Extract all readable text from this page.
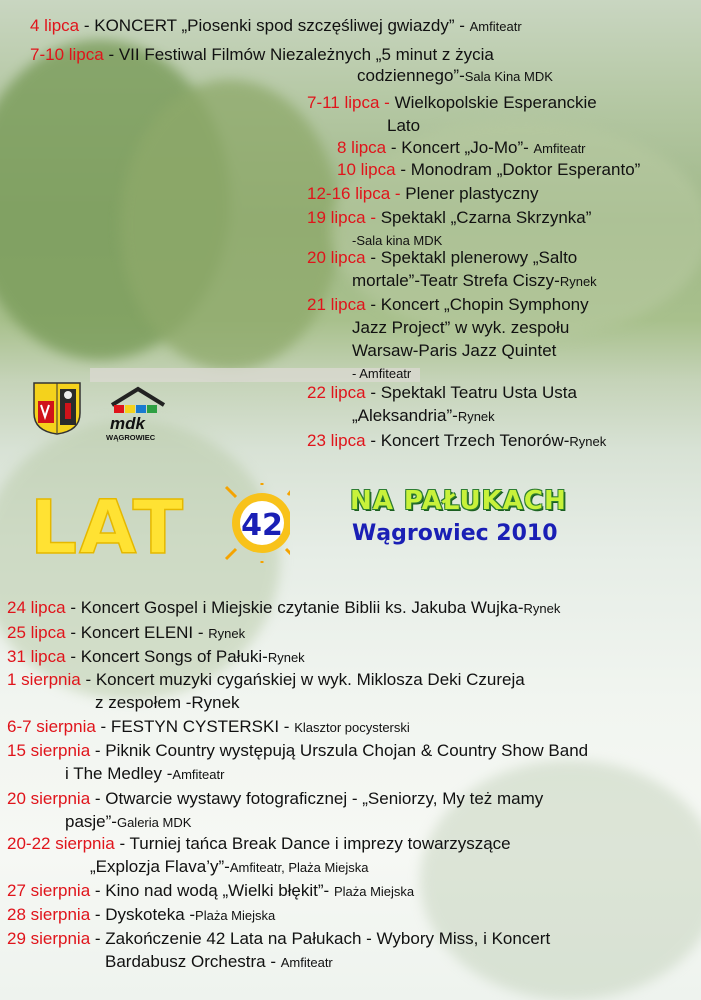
mdk
WĄGROWIEC
LAT 42
NA PAŁUKACH
Wągrowiec 2010
4 lipca - KONCERT „Piosenki spod szczęśliwej gwiazdy” - Amfiteatr
7-10 lipca - VII Festiwal Filmów Niezależnych „5 minut z życia
codziennego”-Sala Kina MDK
7-11 lipca - Wielkopolskie Esperanckie
Lato
8 lipca - Koncert „Jo-Mo”- Amfiteatr
10 lipca - Monodram „Doktor Esperanto”
12-16 lipca - Plener plastyczny
19 lipca - Spektakl „Czarna Skrzynka”
-Sala kina MDK
20 lipca - Spektakl plenerowy „Salto
mortale”-Teatr Strefa Ciszy-Rynek
21 lipca - Koncert „Chopin Symphony
Jazz Project” w wyk. zespołu
Warsaw-Paris Jazz Quintet
- Amfiteatr
22 lipca - Spektakl Teatru Usta Usta
„Aleksandria”-Rynek
23 lipca - Koncert Trzech Tenorów-Rynek
24 lipca - Koncert Gospel i Miejskie czytanie Biblii ks. Jakuba Wujka-Rynek
25 lipca - Koncert ELENI - Rynek
31 lipca - Koncert Songs of Pałuki-Rynek
1 sierpnia - Koncert muzyki cygańskiej w wyk. Miklosza Deki Czureja
z zespołem -Rynek
6-7 sierpnia - FESTYN CYSTERSKI - Klasztor pocysterski
15 sierpnia - Piknik Country występują Urszula Chojan & Country Show Band
i The Medley -Amfiteatr
20 sierpnia - Otwarcie wystawy fotograficznej - „Seniorzy, My też mamy
pasje”-Galeria MDK
20-22 sierpnia - Turniej tańca Break Dance i imprezy towarzyszące
„Explozja Flava’y”-Amfiteatr, Plaża Miejska
27 sierpnia - Kino nad wodą „Wielki błękit”- Plaża Miejska
28 sierpnia - Dyskoteka -Plaża Miejska
29 sierpnia - Zakończenie 42 Lata na Pałukach - Wybory Miss, i Koncert
Bardabusz Orchestra - Amfiteatr
